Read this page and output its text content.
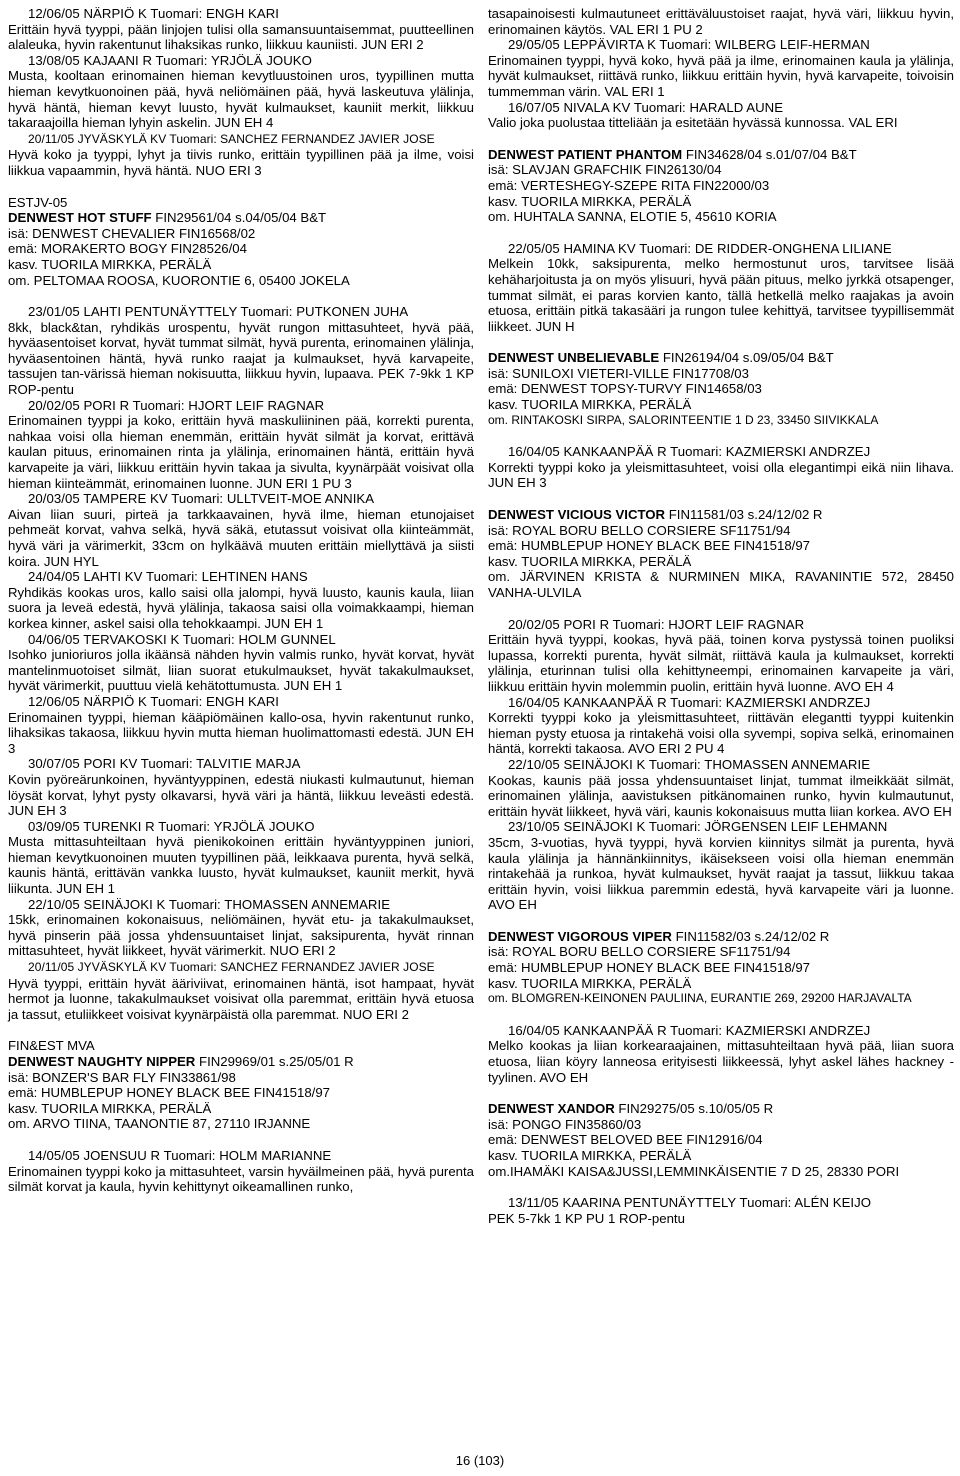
12/06/05 NÄRPIÖ K Tuomari: ENGH KARI
Erittäin hyvä tyyppi, pään linjojen tulisi olla samansuuntaisemmat, puutteellinen alaleuka, hyvin rakentunut lihaksikas runko, liikkuu kauniisti. JUN ERI 2

13/08/05 KAJAANI R Tuomari: YRJÖLÄ JOUKO
Musta, kooltaan erinomainen hieman kevytluustoinen uros, tyypillinen mutta hieman kevytkuonoinen pää, hyvä neliömäinen pää, hyvä laskeutuva ylälinja, hyvä häntä, hieman kevyt luusto, hyvät kulmaukset, kauniit merkit, liikkuu takaraajoilla hieman lyhyin askelin. JUN EH 4

20/11/05 JYVÄSKYLÄ KV Tuomari: SANCHEZ FERNANDEZ JAVIER JOSE
Hyvä koko ja tyyppi, lyhyt ja tiivis runko, erittäin tyypillinen pää ja ilme, voisi liikkua vapaammin, hyvä häntä. NUO ERI 3

ESTJV-05

DENWEST HOT STUFF FIN29561/04 s.04/05/04 B&T

isä: DENWEST CHEVALIER FIN16568/02

emä: MORAKERTO BOGY FIN28526/04

kasv. TUORILA MIRKKA, PERÄLÄ

om. PELTOMAA ROOSA, KUORONTIE 6, 05400 JOKELA

23/01/05 LAHTI PENTUNÄYTTELY Tuomari: PUTKONEN JUHA
8kk, black&tan, ryhdikäs urospentu, hyvät rungon mittasuhteet, hyvä pää, hyväasentoiset korvat, hyvät tummat silmät, hyvä purenta, erinomainen ylälinja, hyväasentoinen häntä, hyvä runko raajat ja kulmaukset, hyvä karvapeite, tassujen tan-värissä hieman nokisuutta, liikkuu hyvin, lupaava. PEK 7-9kk 1 KP ROP-pentu

20/02/05 PORI R Tuomari: HJORT LEIF RAGNAR
Erinomainen tyyppi ja koko, erittäin hyvä maskuliininen pää, korrekti purenta, nahkaa voisi olla hieman enemmän, erittäin hyvät silmät ja korvat, erittävä kaulan pituus, erinomainen rinta ja ylälinja, erinomainen häntä, erittäin hyvä karvapeite ja väri, liikkuu erittäin hyvin takaa ja sivulta, kyynärpäät voisivat olla hieman kiinteämmät, erinomainen luonne. JUN ERI 1 PU 3

20/03/05 TAMPERE KV Tuomari: ULLTVEIT-MOE ANNIKA
Aivan liian suuri, pirteä ja tarkkaavainen, hyvä ilme, hieman etunojaiset pehmeät korvat, vahva selkä, hyvä säkä, etutassut voisivat olla kiinteämmät, hyvä väri ja värimerkit, 33cm on hylkäävä muuten erittäin miellyttävä ja siisti koira. JUN HYL

24/04/05 LAHTI KV Tuomari: LEHTINEN HANS
Ryhdikäs kookas uros, kallo saisi olla jalompi, hyvä luusto, kaunis kaula, liian suora ja leveä edestä, hyvä ylälinja, takaosa saisi olla voimakkaampi, hieman korkea kinner, askel saisi olla tehokkaampi. JUN EH 1

04/06/05 TERVAKOSKI K Tuomari: HOLM GUNNEL
Isohko junioriuros jolla ikäänsä nähden hyvin valmis runko, hyvät korvat, hyvät mantelinmuotoiset silmät, liian suorat etukulmaukset, hyvät takakulmaukset, hyvät värimerkit, puuttuu vielä kehätottumusta. JUN EH 1

12/06/05 NÄRPIÖ K Tuomari: ENGH KARI
Erinomainen tyyppi, hieman kääpiömäinen kallo-osa, hyvin rakentunut runko, lihaksikas takaosa, liikkuu hyvin mutta hieman huolimattomasti edestä. JUN EH 3

30/07/05 PORI KV Tuomari: TALVITIE MARJA
Kovin pyöreärunkoinen, hyväntyyppinen, edestä niukasti kulmautunut, hieman löysät korvat, lyhyt pysty olkavarsi, hyvä väri ja häntä, liikkuu leveästi edestä. JUN EH 3

03/09/05 TURENKI R Tuomari: YRJÖLÄ JOUKO
Musta mittasuhteiltaan hyvä pienikokoinen erittäin hyväntyyppinen juniori, hieman kevytkuonoinen muuten tyypillinen pää, leikkaava purenta, hyvä selkä, kaunis häntä, erittävän vankka luusto, hyvät kulmaukset, kauniit merkit, hyvä liikunta. JUN EH 1

22/10/05 SEINÄJOKI K Tuomari: THOMASSEN ANNEMARIE
15kk, erinomainen kokonaisuus, neliömäinen, hyvät etu- ja takakulmaukset, hyvä pinserin pää jossa yhdensuuntaiset linjat, saksipurenta, hyvät rinnan mittasuhteet, hyvät liikkeet, hyvät värimerkit. NUO ERI 2

20/11/05 JYVÄSKYLÄ KV Tuomari: SANCHEZ FERNANDEZ JAVIER JOSE
Hyvä tyyppi, erittäin hyvät ääriviivat, erinomainen häntä, isot hampaat, hyvät hermot ja luonne, takakulmaukset voisivat olla paremmat, erittäin hyvä etuosa ja tassut, etuliikkeet voisivat kyynärpäistä olla paremmat. NUO ERI 2

FIN&EST MVA

DENWEST NAUGHTY NIPPER FIN29969/01 s.25/05/01 R

isä: BONZER'S BAR FLY FIN33861/98

emä: HUMBLEPUP HONEY BLACK BEE FIN41518/97

kasv. TUORILA MIRKKA, PERÄLÄ

om. ARVO TIINA, TAANONTIE 87, 27110 IRJANNE

14/05/05 JOENSUU R Tuomari: HOLM MARIANNE
Erinomainen tyyppi koko ja mittasuhteet, varsin hyväilmeinen pää, hyvä purenta silmät korvat ja kaula, hyvin kehittynyt oikeamallinen runko,

tasapainoisesti kulmautuneet erittäväluustoiset raajat, hyvä väri, liikkuu hyvin, erinomainen käytös. VAL ERI 1 PU 2

29/05/05 LEPPÄVIRTA K Tuomari: WILBERG LEIF-HERMAN
Erinomainen tyyppi, hyvä koko, hyvä pää ja ilme, erinomainen kaula ja ylälinja, hyvät kulmaukset, riittävä runko, liikkuu erittäin hyvin, hyvä karvapeite, toivoisin tummemman värin. VAL ERI 1

16/07/05 NIVALA KV Tuomari: HARALD AUNE
Valio joka puolustaa titteliään ja esitetään hyvässä kunnossa. VAL ERI

DENWEST PATIENT PHANTOM FIN34628/04 s.01/07/04 B&T

isä: SLAVJAN GRAFCHIK FIN26130/04

emä: VERTESHEGY-SZEPE RITA FIN22000/03

kasv. TUORILA MIRKKA, PERÄLÄ

om. HUHTALA SANNA, ELOTIE 5, 45610 KORIA

22/05/05 HAMINA KV Tuomari: DE RIDDER-ONGHENA LILIANE
Melkein 10kk, saksipurenta, melko hermostunut uros, tarvitsee lisää kehäharjoitusta ja on myös ylisuuri, hyvä pään pituus, melko jyrkkä otsapenger, tummat silmät, ei paras korvien kanto, tällä hetkellä melko raajakas ja avoin etuosa, erittäin pitkä takasääri ja rungon tulee kehittyä, tarvitsee tyypillisemmät liikkeet. JUN H

DENWEST UNBELIEVABLE FIN26194/04 s.09/05/04 B&T

isä: SUNILOXI VIETERI-VILLE FIN17708/03

emä: DENWEST TOPSY-TURVY FIN14658/03

kasv. TUORILA MIRKKA, PERÄLÄ

om. RINTAKOSKI SIRPA, SALORINTEENTIE 1 D 23, 33450 SIIVIKKALA

16/04/05 KANKAANPÄÄ R Tuomari: KAZMIERSKI ANDRZEJ
Korrekti tyyppi koko ja yleismittasuhteet, voisi olla elegantimpi eikä niin lihava. JUN EH 3

DENWEST VICIOUS VICTOR FIN11581/03 s.24/12/02 R

isä: ROYAL BORU BELLO CORSIERE SF11751/94

emä: HUMBLEPUP HONEY BLACK BEE FIN41518/97

kasv. TUORILA MIRKKA, PERÄLÄ

om. JÄRVINEN KRISTA & NURMINEN MIKA, RAVANINTIE 572, 28450 VANHA-ULVILA

20/02/05 PORI R Tuomari: HJORT LEIF RAGNAR
Erittäin hyvä tyyppi, kookas, hyvä pää, toinen korva pystyssä toinen puoliksi lupassa, korrekti purenta, hyvät silmät, riittävä kaula ja kulmaukset, korrekti ylälinja, eturinnan tulisi olla kehittyneempi, erinomainen karvapeite ja väri, liikkuu erittäin hyvin molemmin puolin, erittäin hyvä luonne. AVO EH 4

16/04/05 KANKAANPÄÄ R Tuomari: KAZMIERSKI ANDRZEJ
Korrekti tyyppi koko ja yleismittasuhteet, riittävän elegantti tyyppi kuitenkin hieman pysty etuosa ja rintakehä voisi olla syvempi, sopiva selkä, erinomainen häntä, korrekti takaosa. AVO ERI 2 PU 4

22/10/05 SEINÄJOKI K Tuomari: THOMASSEN ANNEMARIE
Kookas, kaunis pää jossa yhdensuuntaiset linjat, tummat ilmeikkäät silmät, erinomainen ylälinja, aavistuksen pitkänomainen runko, hyvin kulmautunut, erittäin hyvät liikkeet, hyvä väri, kaunis kokonaisuus mutta liian korkea. AVO EH

23/10/05 SEINÄJOKI K Tuomari: JÖRGENSEN LEIF LEHMANN
35cm, 3-vuotias, hyvä tyyppi, hyvä korvien kiinnitys silmät ja purenta, hyvä kaula ylälinja ja hännänkiinnitys, ikäisekseen voisi olla hieman enemmän rintakehää ja runkoa, hyvät kulmaukset, hyvät raajat ja tassut, liikkuu takaa erittäin hyvin, voisi liikkua paremmin edestä, hyvä karvapeite väri ja luonne. AVO EH

DENWEST VIGOROUS VIPER FIN11582/03 s.24/12/02 R

isä: ROYAL BORU BELLO CORSIERE SF11751/94

emä: HUMBLEPUP HONEY BLACK BEE FIN41518/97

kasv. TUORILA MIRKKA, PERÄLÄ

om. BLOMGREN-KEINONEN PAULIINA, EURANTIE 269, 29200 HARJAVALTA

16/04/05 KANKAANPÄÄ R Tuomari: KAZMIERSKI ANDRZEJ
Melko kookas ja liian korkearaajainen, mittasuhteiltaan hyvä pää, liian suora etuosa, liian köyry lanneosa erityisesti liikkeessä, lyhyt askel lähes hackney -tyylinen. AVO EH

DENWEST XANDOR FIN29275/05 s.10/05/05 R

isä: PONGO FIN35860/03

emä: DENWEST BELOVED BEE FIN12916/04

kasv. TUORILA MIRKKA, PERÄLÄ

om.IHAMÄKI KAISA&JUSSI,LEMMINKÄISENTIE 7 D 25, 28330 PORI

13/11/05 KAARINA PENTUNÄYTTELY Tuomari: ALÉN KEIJO
PEK 5-7kk 1 KP PU 1 ROP-pentu

16 (103)
